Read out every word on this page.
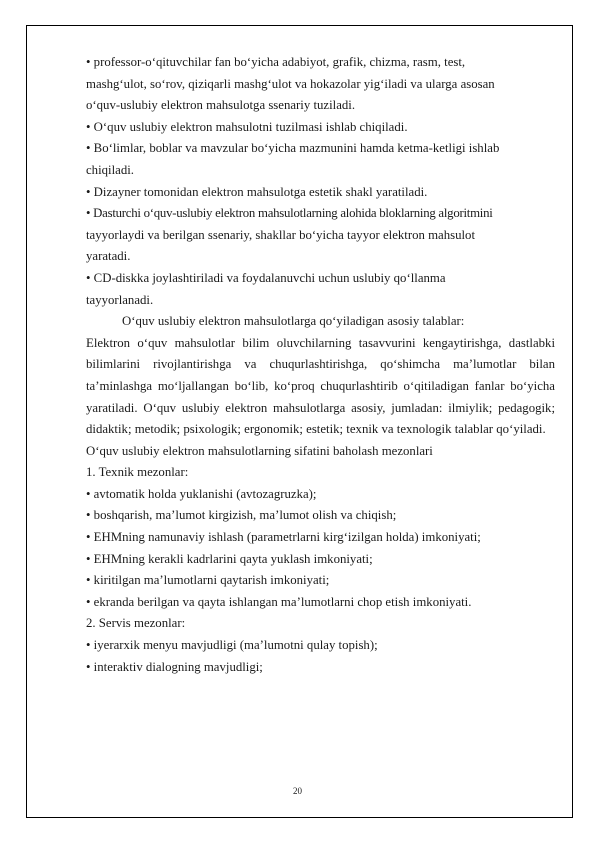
• professor-o‘qituvchilar fan bo‘yicha adabiyot, grafik, chizma, rasm, test,

mashg‘ulot, so‘rov, qiziqarli mashg‘ulot va hokazolar yig‘iladi va ularga asosan

o‘quv-uslubiy elektron mahsulotga ssenariy tuziladi.

• O‘quv uslubiy elektron mahsulotni tuzilmasi ishlab chiqiladi.

• Bo‘limlar, boblar va mavzular bo‘yicha mazmunini hamda ketma-ketligi ishlab

chiqiladi.

• Dizayner tomonidan elektron mahsulotga estetik shakl yaratiladi.

• Dasturchi o‘quv-uslubiy elektron mahsulotlarning alohida bloklarning algoritmini

tayyorlaydi va berilgan ssenariy, shakllar bo‘yicha tayyor elektron mahsulot

yaratadi.

• CD-diskka joylashtiriladi va foydalanuvchi uchun uslubiy qo‘llanma

tayyorlanadi.

O‘quv uslubiy elektron mahsulotlarga qo‘yiladigan asosiy talablar:

Elektron o‘quv mahsulotlar bilim oluvchilarning tasavvurini kengaytirishga, dastlabki bilimlarini rivojlantirishga va chuqurlashtirishga, qo‘shimcha ma’lumotlar bilan ta’minlashga mo‘ljallangan bo‘lib, ko‘proq chuqurlashtirib o‘qitiladigan fanlar bo‘yicha yaratiladi. O‘quv uslubiy elektron mahsulotlarga asosiy, jumladan: ilmiylik; pedagogik; didaktik; metodik; psixologik; ergonomik; estetik; texnik va texnologik talablar qo‘yiladi.

O‘quv uslubiy elektron mahsulotlarning sifatini baholash mezonlari

1. Texnik mezonlar:

• avtomatik holda yuklanishi (avtozagruzka);

• boshqarish, ma’lumot kirgizish, ma’lumot olish va chiqish;

• EHMning namunaviy ishlash (parametrlarni kirg‘izilgan holda) imkoniyati;

• EHMning kerakli kadrlarini qayta yuklash imkoniyati;

• kiritilgan ma’lumotlarni qaytarish imkoniyati;

• ekranda berilgan va qayta ishlangan ma’lumotlarni chop etish imkoniyati.

2. Servis mezonlar:

• iyerarxik menyu mavjudligi (ma’lumotni qulay topish);

• interaktiv dialogning mavjudligi;

20
